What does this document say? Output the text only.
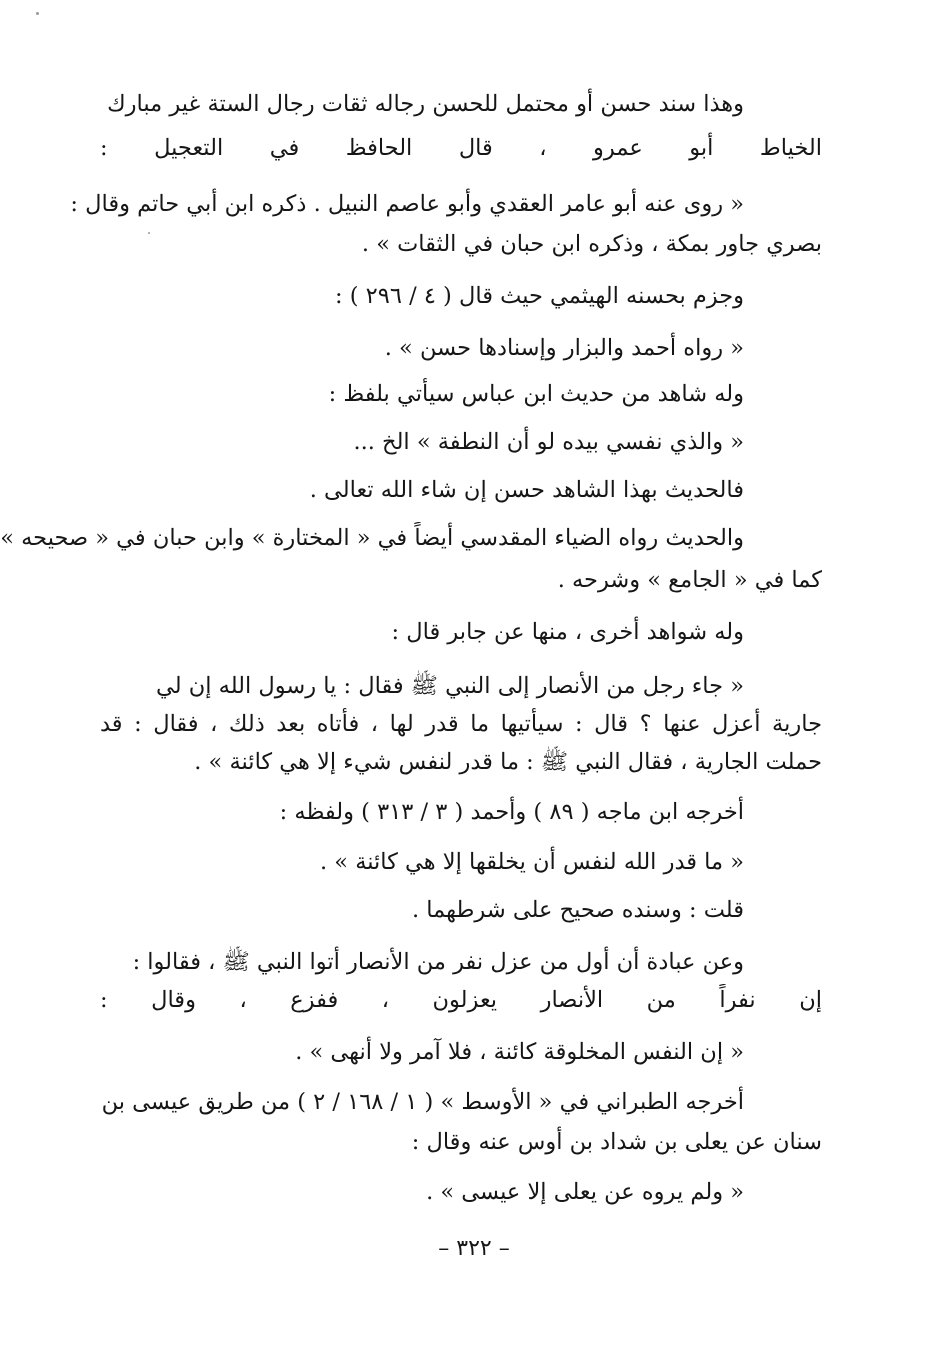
وهذا سند حسن أو محتمل للحسن رجاله ثقات رجال الستة غير مبارك
الخياط أبو عمرو ، قال الحافظ في التعجيل :
« روى عنه أبو عامر العقدي وأبو عاصم النبيل . ذكره ابن أبي حاتم وقال :
بصري جاور بمكة ، وذكره ابن حبان في الثقات » .
وجزم بحسنه الهيثمي حيث قال ( ٤ / ٢٩٦ ) :
« رواه أحمد والبزار وإسنادها حسن » .
وله شاهد من حديث ابن عباس سيأتي بلفظ :
« والذي نفسي بيده لو أن النطفة » الخ ...
فالحديث بهذا الشاهد حسن إن شاء الله تعالى .
والحديث رواه الضياء المقدسي أيضاً في « المختارة » وابن حبان في « صحيحه »
كما في « الجامع » وشرحه .
وله شواهد أخرى ، منها عن جابر قال :
« جاء رجل من الأنصار إلى النبي ﷺ فقال : يا رسول الله إن لي
جارية أعزل عنها ؟ قال : سيأتيها ما قدر لها ، فأتاه بعد ذلك ، فقال : قد
حملت الجارية ، فقال النبي ﷺ : ما قدر لنفس شيء إلا هي كائنة » .
أخرجه ابن ماجه ( ٨٩ ) وأحمد ( ٣ / ٣١٣ ) ولفظه :
« ما قدر الله لنفس أن يخلقها إلا هي كائنة » .
قلت : وسنده صحيح على شرطهما .
وعن عبادة أن أول من عزل نفر من الأنصار أتوا النبي ﷺ ، فقالوا :
إن نفراً من الأنصار يعزلون ، ففزع ، وقال :
« إن النفس المخلوقة كائنة ، فلا آمر ولا أنهى » .
أخرجه الطبراني في « الأوسط » ( ١ / ١٦٨ / ٢ ) من طريق عيسى بن
سنان عن يعلى بن شداد بن أوس عنه وقال :
« ولم يروه عن يعلى إلا عيسى » .
– ٣٢٢ –
